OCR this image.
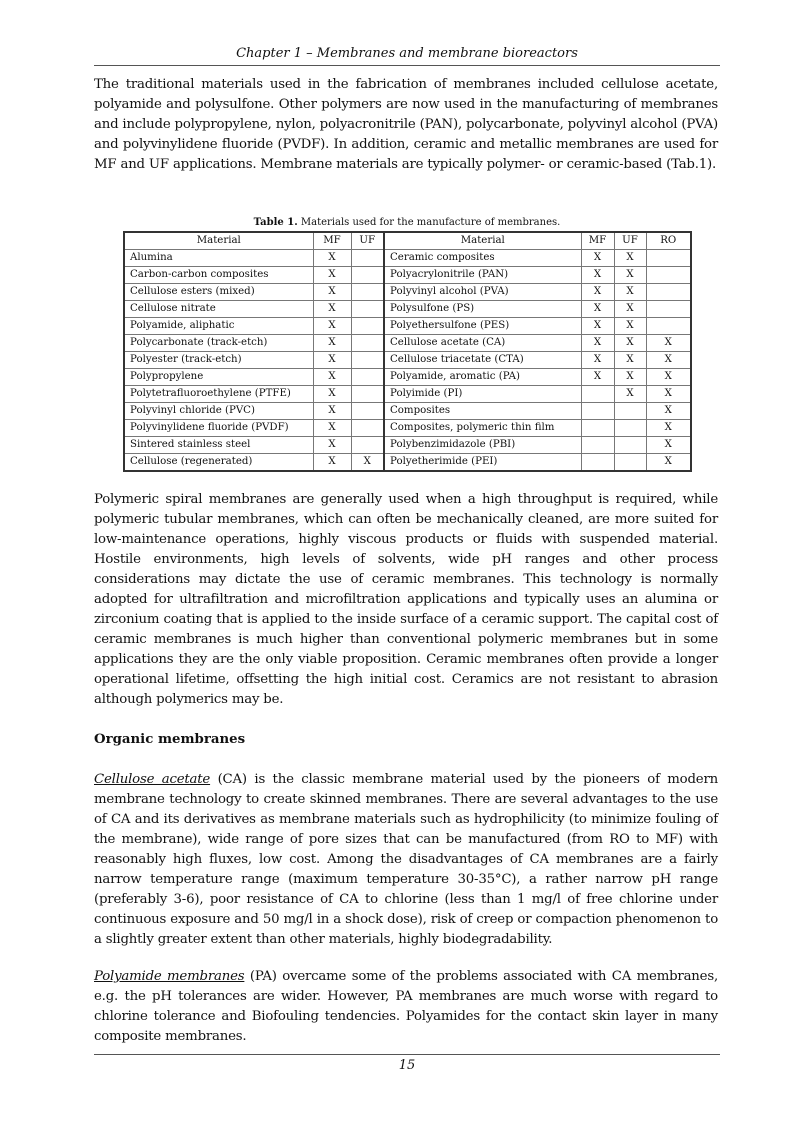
Chapter 1 – Membranes and membrane bioreactors

The traditional materials used in the fabrication of membranes included cellulose acetate, polyamide and polysulfone. Other polymers are now used in the manufacturing of membranes and include polypropylene, nylon, polyacronitrile (PAN), polycarbonate, polyvinyl alcohol (PVA) and polyvinylidene fluoride (PVDF). In addition, ceramic and metallic membranes are used for MF and UF applications. Membrane materials are typically polymer- or ceramic-based (Tab.1).

Table 1. Materials used for the manufacture of membranes.
Material	MF	UF	Material	MF	UF	RO
Alumina	X		Ceramic composites	X	X	
Carbon-carbon composites	X		Polyacrylonitrile (PAN)	X	X	
Cellulose esters (mixed)	X		Polyvinyl alcohol (PVA)	X	X	
Cellulose nitrate	X		Polysulfone (PS)	X	X	
Polyamide, aliphatic	X		Polyethersulfone (PES)	X	X	
Polycarbonate (track-etch)	X		Cellulose acetate (CA)	X	X	X
Polyester (track-etch)	X		Cellulose triacetate (CTA)	X	X	X
Polypropylene	X		Polyamide, aromatic (PA)	X	X	X
Polytetrafluoroethylene (PTFE)	X		Polyimide (PI)		X	X
Polyvinyl chloride (PVC)	X		Composites			X
Polyvinylidene fluoride (PVDF)	X		Composites, polymeric thin film			X
Sintered stainless steel	X		Polybenzimidazole (PBI)			X
Cellulose (regenerated)	X	X	Polyetherimide (PEI)			X

Polymeric spiral membranes are generally used when a high throughput is required, while polymeric tubular membranes, which can often be mechanically cleaned, are more suited for low-maintenance operations, highly viscous products or fluids with suspended material. Hostile environments, high levels of solvents, wide pH ranges and other process considerations may dictate the use of ceramic membranes. This technology is normally adopted for ultrafiltration and microfiltration applications and typically uses an alumina or zirconium coating that is applied to the inside surface of a ceramic support. The capital cost of ceramic membranes is much higher than conventional polymeric membranes but in some applications they are the only viable proposition. Ceramic membranes often provide a longer operational lifetime, offsetting the high initial cost. Ceramics are not resistant to abrasion although polymerics may be.

Organic membranes

Cellulose acetate (CA) is the classic membrane material used by the pioneers of modern membrane technology to create skinned membranes. There are several advantages to the use of CA and its derivatives as membrane materials such as hydrophilicity (to minimize fouling of the membrane), wide range of pore sizes that can be manufactured (from RO to MF) with reasonably high fluxes, low cost. Among the disadvantages of CA membranes are a fairly narrow temperature range (maximum temperature 30-35°C), a rather narrow pH range (preferably 3-6), poor resistance of CA to chlorine (less than 1 mg/l of free chlorine under continuous exposure and 50 mg/l in a shock dose), risk of creep or compaction phenomenon to a slightly greater extent than other materials, highly biodegradability.

Polyamide membranes (PA) overcame some of the problems associated with CA membranes, e.g. the pH tolerances are wider. However, PA membranes are much worse with regard to chlorine tolerance and Biofouling tendencies. Polyamides for the contact skin layer in many composite membranes.

15
